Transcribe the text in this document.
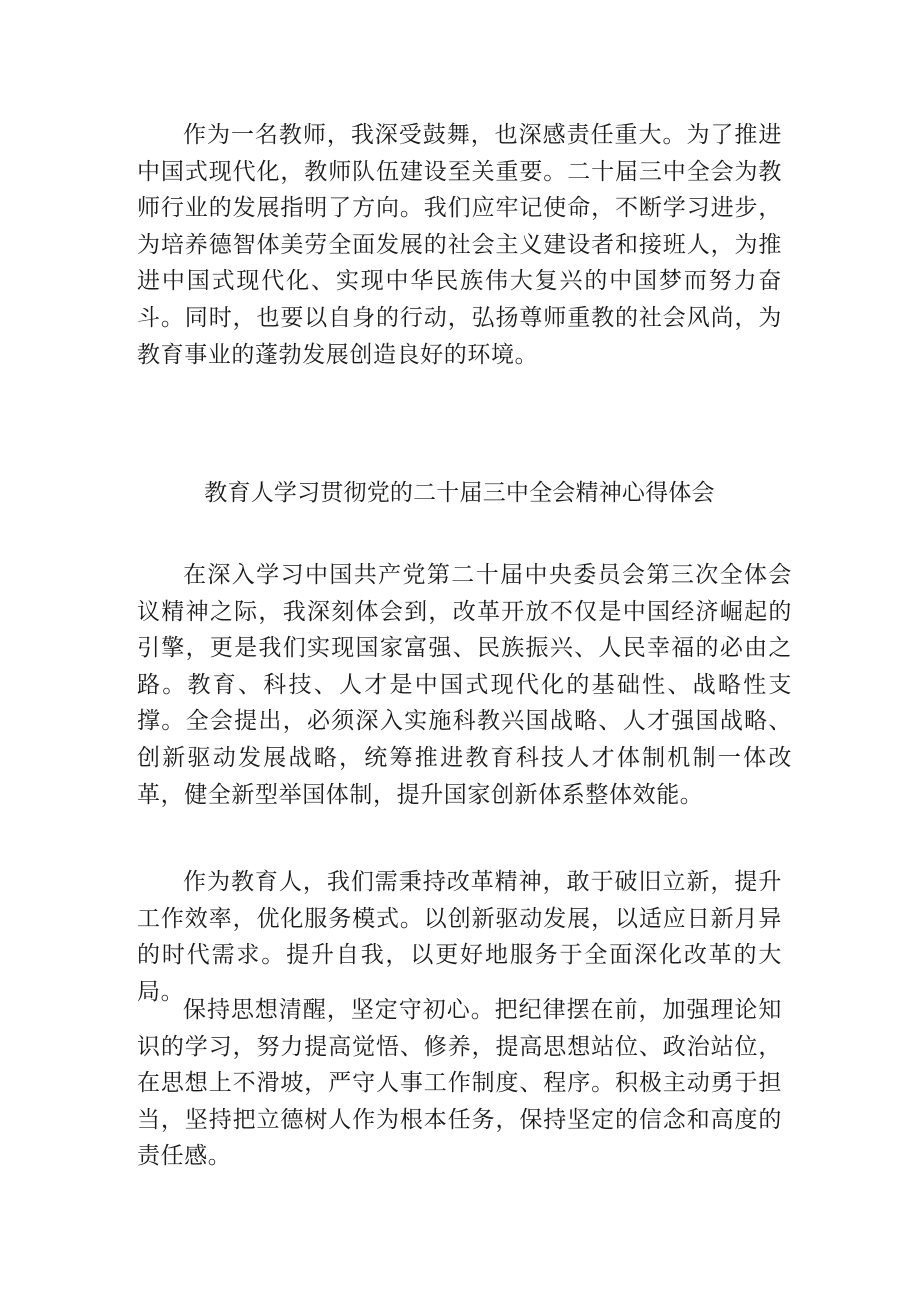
作为一名教师，我深受鼓舞，也深感责任重大。为了推进中国式现代化，教师队伍建设至关重要。二十届三中全会为教师行业的发展指明了方向。我们应牢记使命，不断学习进步，为培养德智体美劳全面发展的社会主义建设者和接班人，为推进中国式现代化、实现中华民族伟大复兴的中国梦而努力奋斗。同时，也要以自身的行动，弘扬尊师重教的社会风尚，为教育事业的蓬勃发展创造良好的环境。

教育人学习贯彻党的二十届三中全会精神心得体会

在深入学习中国共产党第二十届中央委员会第三次全体会议精神之际，我深刻体会到，改革开放不仅是中国经济崛起的引擎，更是我们实现国家富强、民族振兴、人民幸福的必由之路。教育、科技、人才是中国式现代化的基础性、战略性支撑。全会提出，必须深入实施科教兴国战略、人才强国战略、创新驱动发展战略，统筹推进教育科技人才体制机制一体改革，健全新型举国体制，提升国家创新体系整体效能。

作为教育人，我们需秉持改革精神，敢于破旧立新，提升工作效率，优化服务模式。以创新驱动发展，以适应日新月异的时代需求。提升自我，以更好地服务于全面深化改革的大局。

保持思想清醒，坚定守初心。把纪律摆在前，加强理论知识的学习，努力提高觉悟、修养，提高思想站位、政治站位，在思想上不滑坡，严守人事工作制度、程序。积极主动勇于担当，坚持把立德树人作为根本任务，保持坚定的信念和高度的责任感。
